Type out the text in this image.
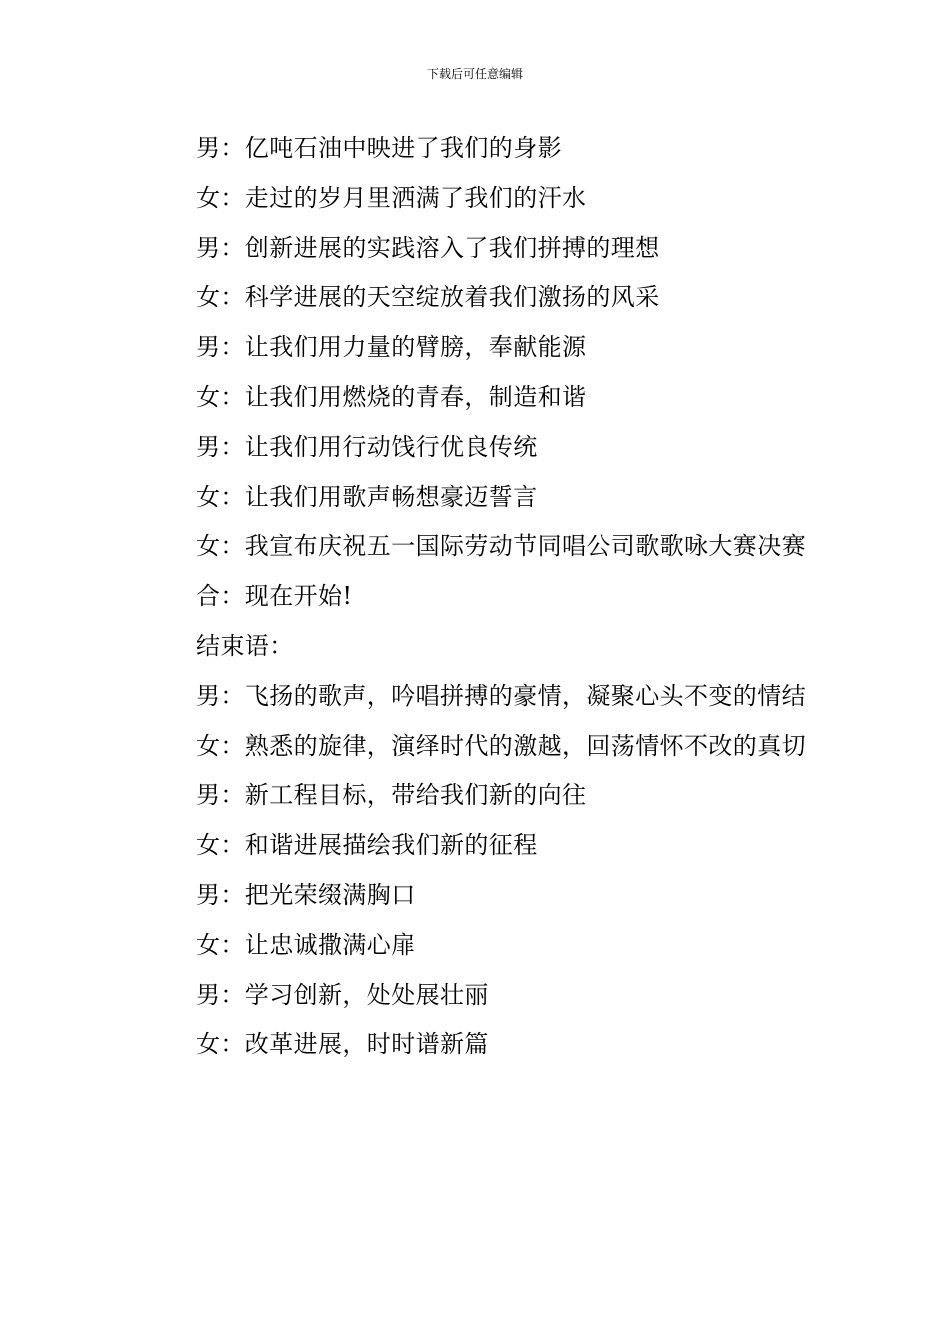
下载后可任意编辑

男：亿吨石油中映进了我们的身影

女：走过的岁月里洒满了我们的汗水

男：创新进展的实践溶入了我们拼搏的理想

女：科学进展的天空绽放着我们激扬的风采

男：让我们用力量的臂膀，奉献能源

女：让我们用燃烧的青春，制造和谐

男：让我们用行动饯行优良传统

女：让我们用歌声畅想豪迈誓言

女：我宣布庆祝五一国际劳动节同唱公司歌歌咏大赛决赛

合：现在开始!

结束语：

男：飞扬的歌声，吟唱拼搏的豪情，凝聚心头不变的情结

女：熟悉的旋律，演绎时代的激越，回荡情怀不改的真切

男：新工程目标，带给我们新的向往

女：和谐进展描绘我们新的征程

男：把光荣缀满胸口

女：让忠诚撒满心扉

男：学习创新，处处展壮丽

女：改革进展，时时谱新篇
